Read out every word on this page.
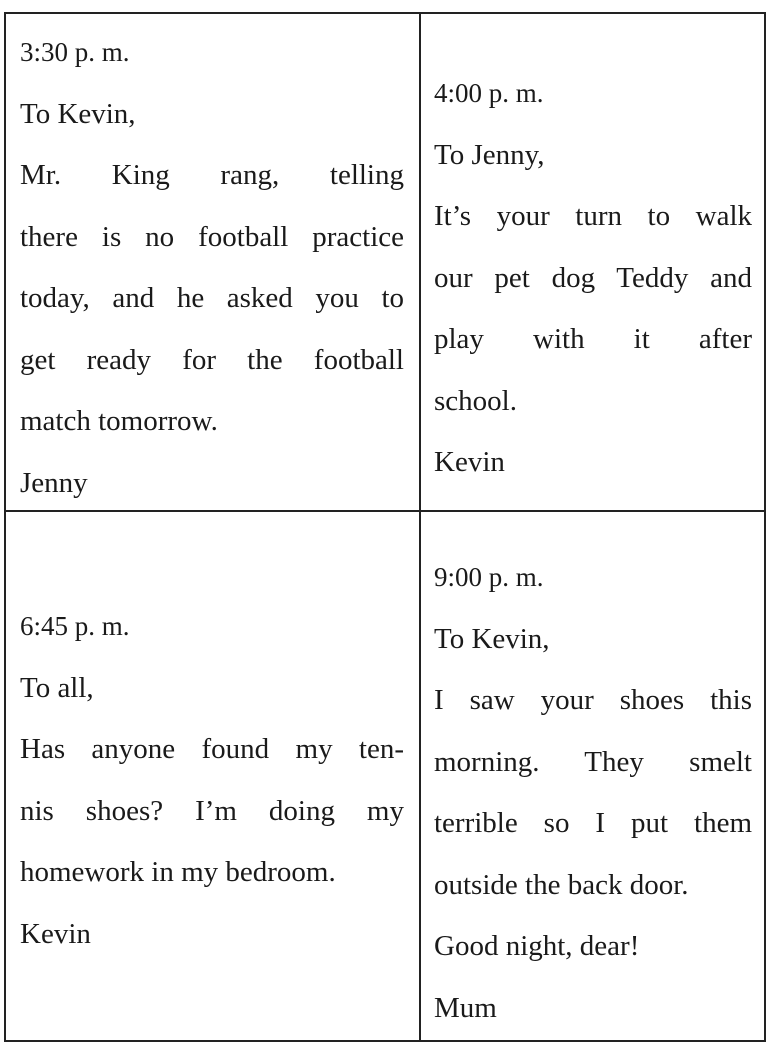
3:30 p. m.
To Kevin,
Mr. King rang, telling
there is no football practice
today, and he asked you to
get ready for the football
match tomorrow.
Jenny
4:00 p. m.
To Jenny,
It’s your turn to walk
our pet dog Teddy and
play with it after
school.
Kevin
6:45 p. m.
To all,
Has anyone found my ten-
nis shoes? I’m doing my
homework in my bedroom.
Kevin
9:00 p. m.
To Kevin,
I saw your shoes this
morning. They smelt
terrible so I put them
outside the back door.
Good night, dear!
Mum
